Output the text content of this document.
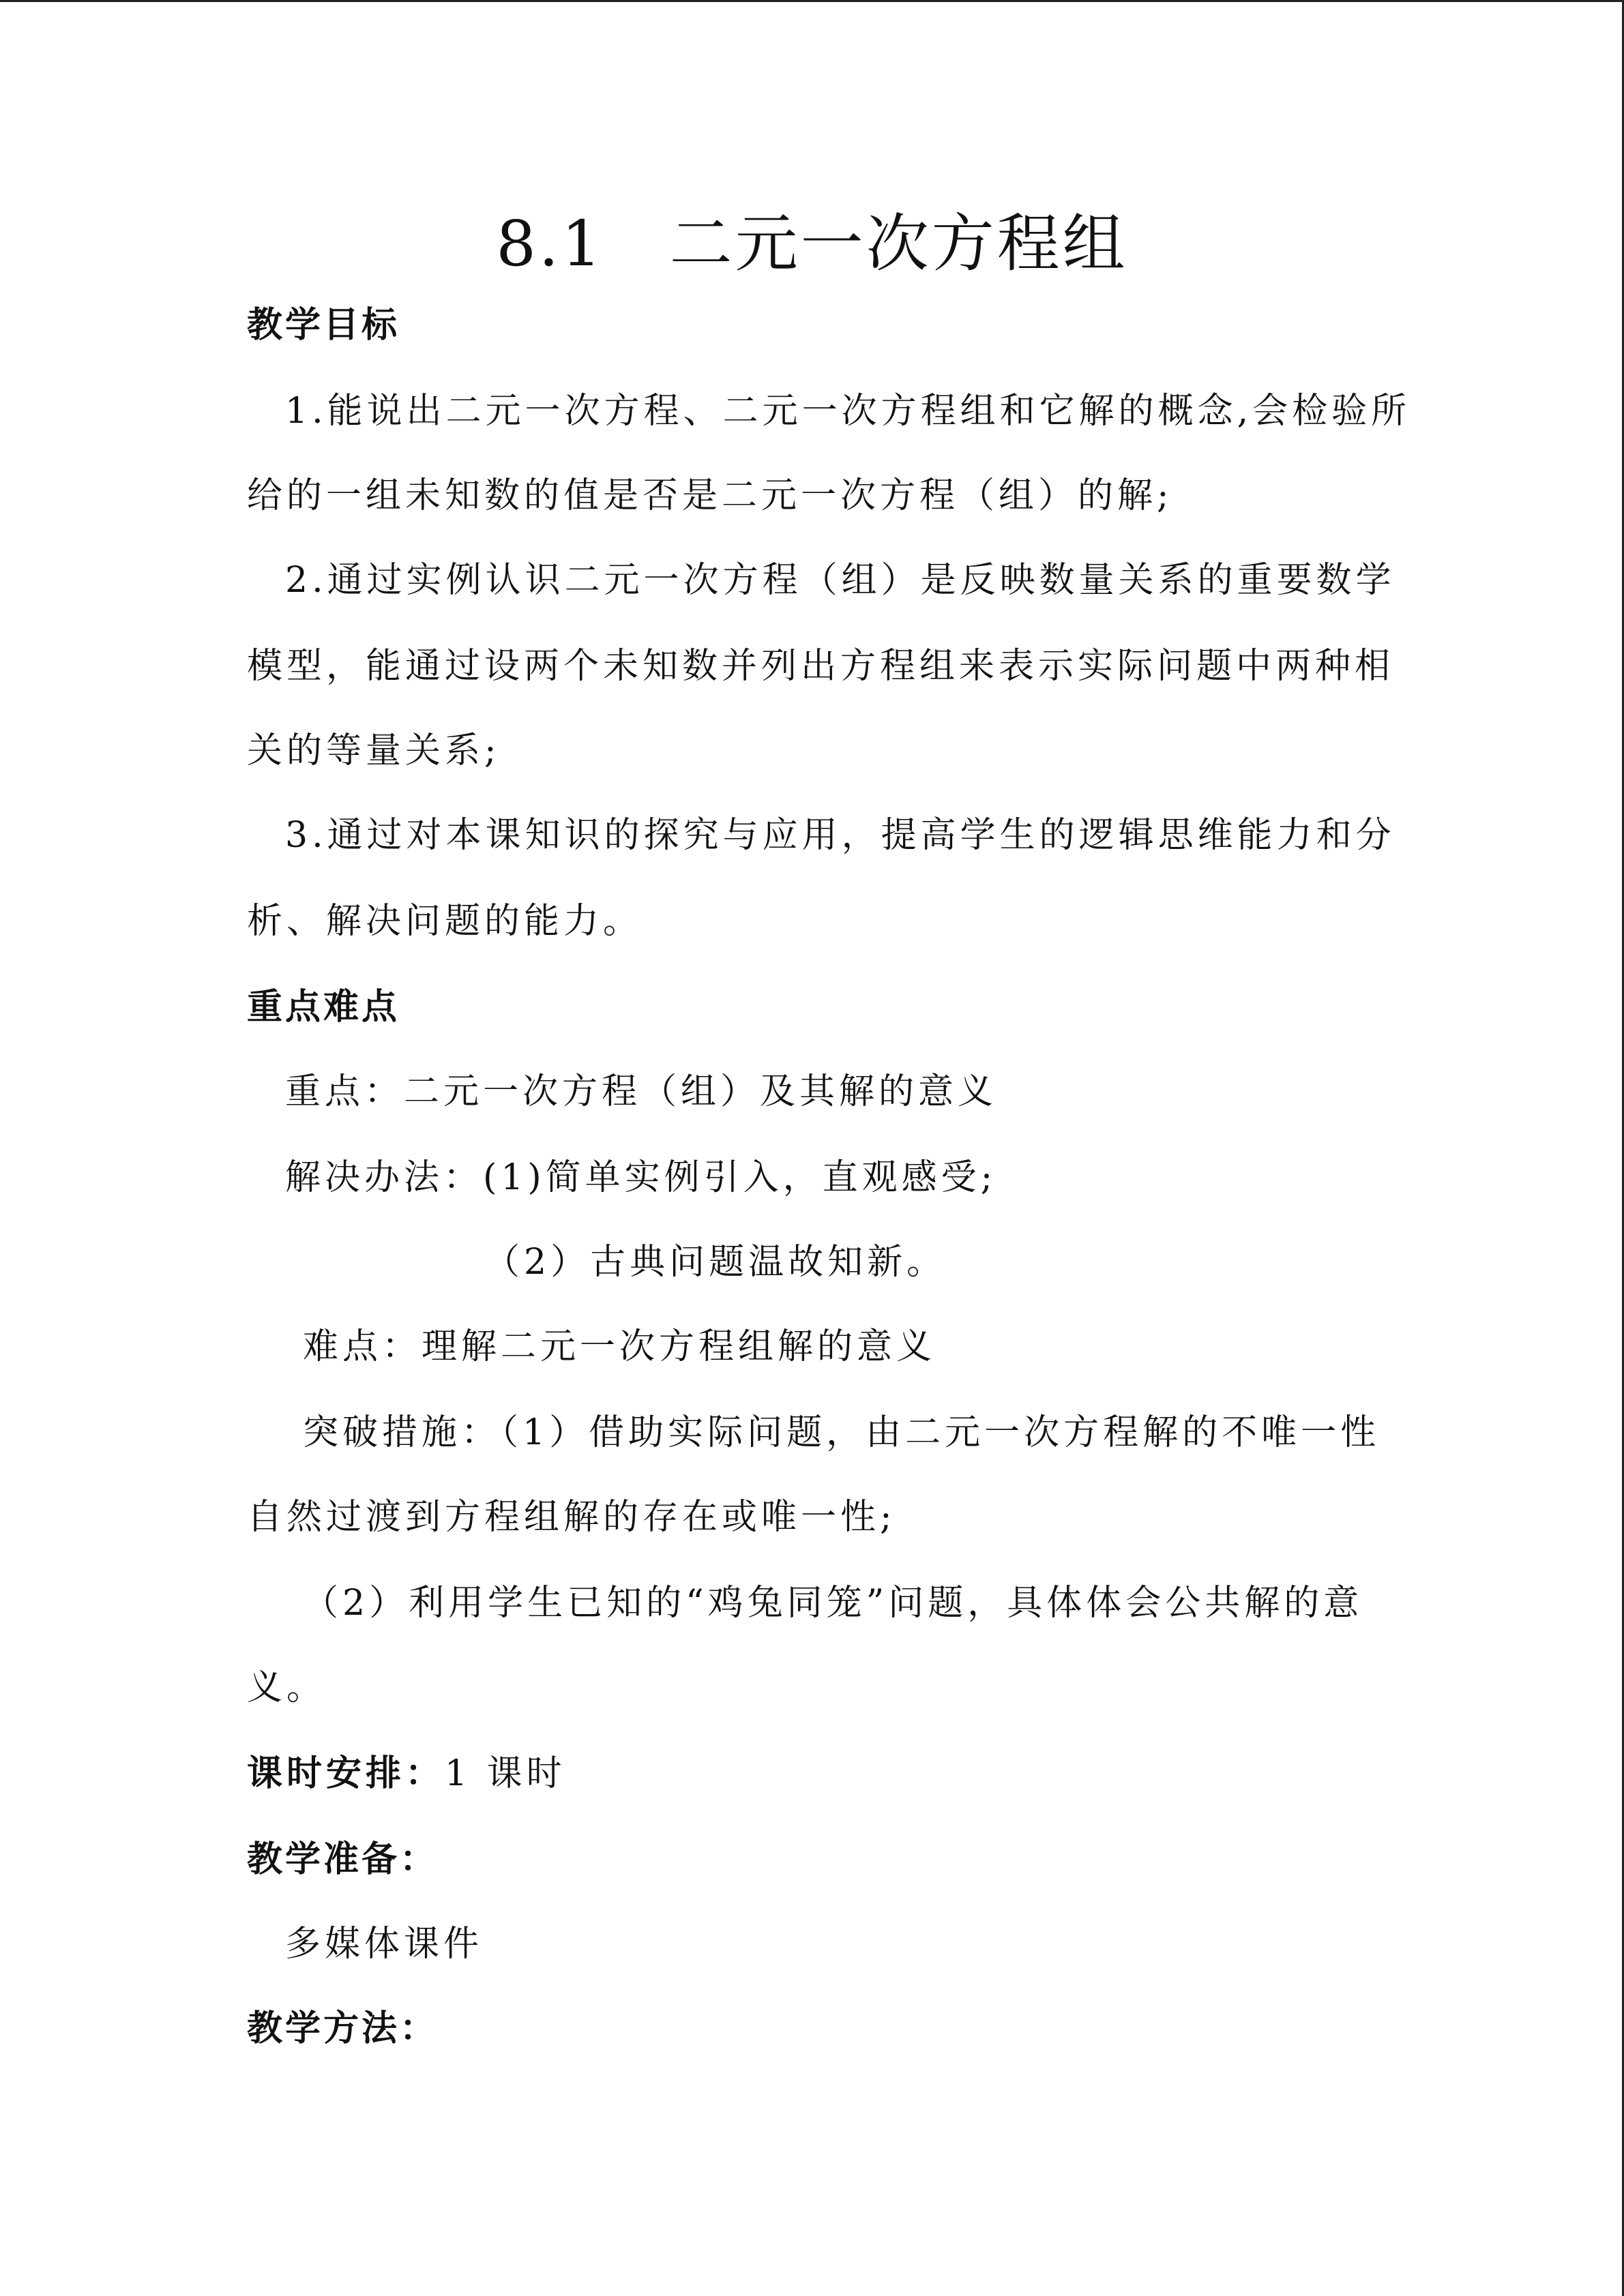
8.1　二元一次方程组
教学目标
1.能说出二元一次方程、二元一次方程组和它解的概念,会检验所
给的一组未知数的值是否是二元一次方程（组）的解;
2.通过实例认识二元一次方程（组）是反映数量关系的重要数学
模型，能通过设两个未知数并列出方程组来表示实际问题中两种相
关的等量关系;
3.通过对本课知识的探究与应用，提高学生的逻辑思维能力和分
析、解决问题的能力。
重点难点
重点：二元一次方程（组）及其解的意义
解决办法：(1)简单实例引入，直观感受;
（2）古典问题温故知新。
难点：理解二元一次方程组解的意义
突破措施：（1）借助实际问题，由二元一次方程解的不唯一性
自然过渡到方程组解的存在或唯一性;
（2）利用学生已知的“鸡兔同笼”问题，具体体会公共解的意
义。
课时安排：1 课时
教学准备：
多媒体课件
教学方法：
